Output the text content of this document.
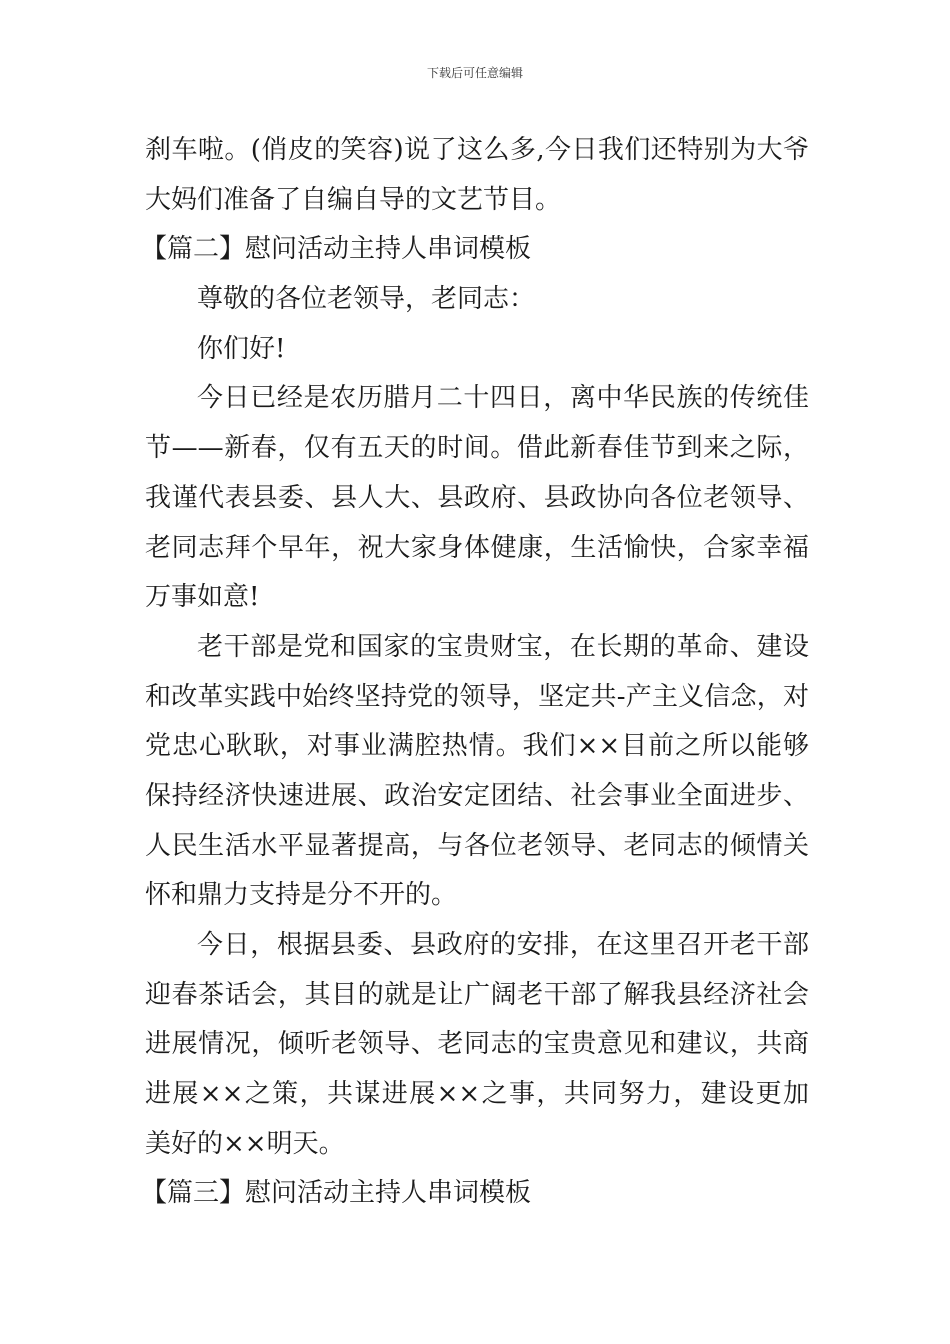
下载后可任意编辑
刹车啦。(俏皮的笑容)说了这么多,今日我们还特别为大爷
大妈们准备了自编自导的文艺节目。
【篇二】慰问活动主持人串词模板
尊敬的各位老领导，老同志：
你们好!
今日已经是农历腊月二十四日，离中华民族的传统佳
节——新春，仅有五天的时间。借此新春佳节到来之际，
我谨代表县委、县人大、县政府、县政协向各位老领导、
老同志拜个早年，祝大家身体健康，生活愉快，合家幸福
万事如意!
老干部是党和国家的宝贵财宝，在长期的革命、建设
和改革实践中始终坚持党的领导，坚定共-产主义信念，对
党忠心耿耿，对事业满腔热情。我们××目前之所以能够
保持经济快速进展、政治安定团结、社会事业全面进步、
人民生活水平显著提高，与各位老领导、老同志的倾情关
怀和鼎力支持是分不开的。
今日，根据县委、县政府的安排，在这里召开老干部
迎春茶话会，其目的就是让广阔老干部了解我县经济社会
进展情况，倾听老领导、老同志的宝贵意见和建议，共商
进展××之策，共谋进展××之事，共同努力，建设更加
美好的××明天。
【篇三】慰问活动主持人串词模板
